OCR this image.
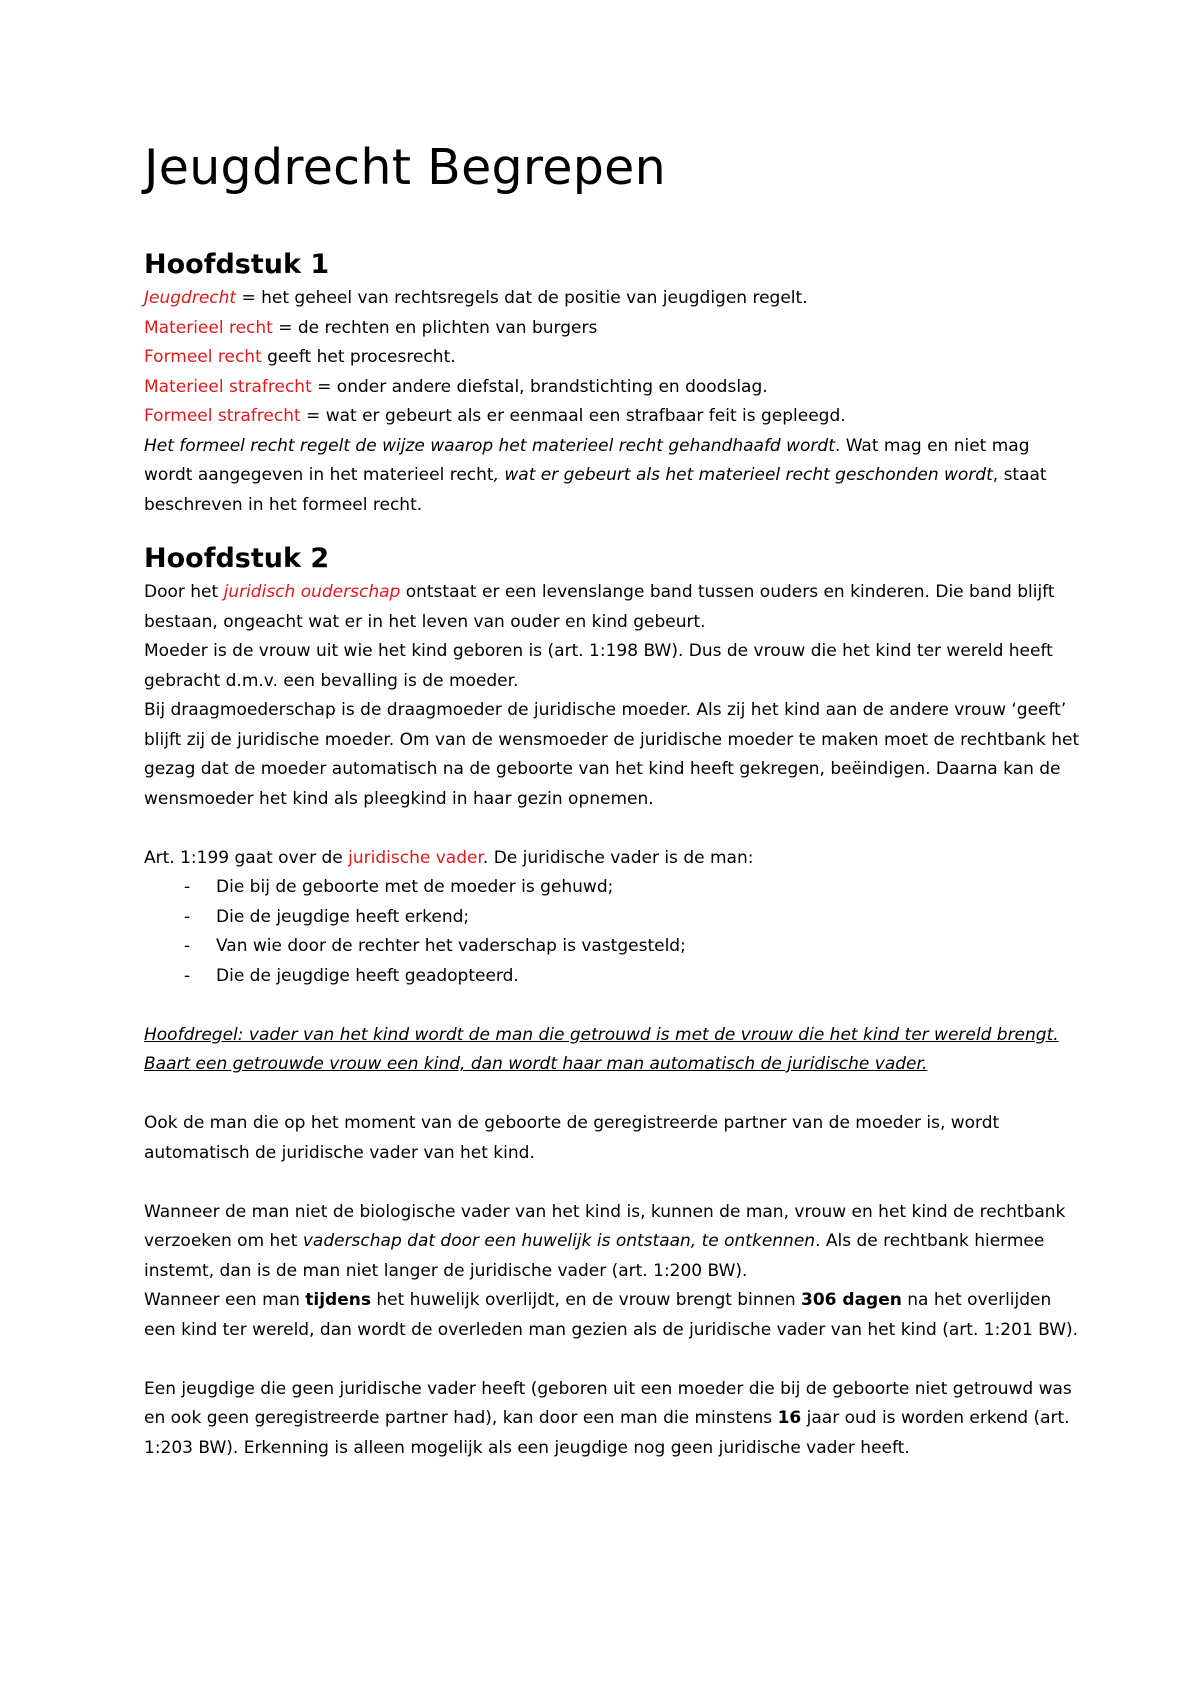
Jeugdrecht Begrepen
Hoofdstuk 1

Jeugdrecht = het geheel van rechtsregels dat de positie van jeugdigen regelt.

Materieel recht = de rechten en plichten van burgers

Formeel recht geeft het procesrecht.

Materieel strafrecht = onder andere diefstal, brandstichting en doodslag.

Formeel strafrecht = wat er gebeurt als er eenmaal een strafbaar feit is gepleegd.

Het formeel recht regelt de wijze waarop het materieel recht gehandhaafd wordt. Wat mag en niet mag wordt aangegeven in het materieel recht, wat er gebeurt als het materieel recht geschonden wordt, staat beschreven in het formeel recht.

Hoofdstuk 2

Door het juridisch ouderschap ontstaat er een levenslange band tussen ouders en kinderen. Die band blijft bestaan, ongeacht wat er in het leven van ouder en kind gebeurt.

Moeder is de vrouw uit wie het kind geboren is (art. 1:198 BW). Dus de vrouw die het kind ter wereld heeft gebracht d.m.v. een bevalling is de moeder.

Bij draagmoederschap is de draagmoeder de juridische moeder. Als zij het kind aan de andere vrouw ‘geeft’ blijft zij de juridische moeder. Om van de wensmoeder de juridische moeder te maken moet de rechtbank het gezag dat de moeder automatisch na de geboorte van het kind heeft gekregen, beëindigen. Daarna kan de wensmoeder het kind als pleegkind in haar gezin opnemen.

Art. 1:199 gaat over de juridische vader. De juridische vader is de man:

- Die bij de geboorte met de moeder is gehuwd;
- Die de jeugdige heeft erkend;
- Van wie door de rechter het vaderschap is vastgesteld;
- Die de jeugdige heeft geadopteerd.

Hoofdregel: vader van het kind wordt de man die getrouwd is met de vrouw die het kind ter wereld brengt. Baart een getrouwde vrouw een kind, dan wordt haar man automatisch de juridische vader.

Ook de man die op het moment van de geboorte de geregistreerde partner van de moeder is, wordt automatisch de juridische vader van het kind.

Wanneer de man niet de biologische vader van het kind is, kunnen de man, vrouw en het kind de rechtbank verzoeken om het vaderschap dat door een huwelijk is ontstaan, te ontkennen. Als de rechtbank hiermee instemt, dan is de man niet langer de juridische vader (art. 1:200 BW).

Wanneer een man tijdens het huwelijk overlijdt, en de vrouw brengt binnen 306 dagen na het overlijden een kind ter wereld, dan wordt de overleden man gezien als de juridische vader van het kind (art. 1:201 BW).

Een jeugdige die geen juridische vader heeft (geboren uit een moeder die bij de geboorte niet getrouwd was en ook geen geregistreerde partner had), kan door een man die minstens 16 jaar oud is worden erkend (art. 1:203 BW). Erkenning is alleen mogelijk als een jeugdige nog geen juridische vader heeft.
